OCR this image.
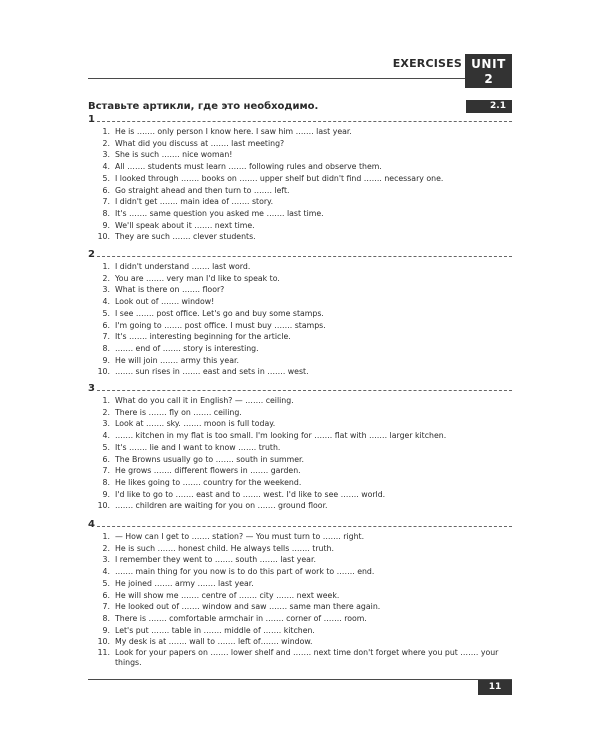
EXERCISES UNIT
2
Вставьте артикли, где это необходимо.	2.1
1
1. He is ……. only person I know here. I saw him ……. last year.
2. What did you discuss at ……. last meeting?
3. She is such ……. nice woman!
4. All ……. students must learn ……. following rules and observe them.
5. I looked through ……. books on ……. upper shelf but didn't find ……. necessary one.
6. Go straight ahead and then turn to ……. left.
7. I didn't get ……. main idea of ……. story.
8. It's ……. same question you asked me ……. last time.
9. We'll speak about it ……. next time.
10. They are such ……. clever students.
2
1. I didn't understand ……. last word.
2. You are ……. very man I'd like to speak to.
3. What is there on ……. floor?
4. Look out of ……. window!
5. I see ……. post office. Let's go and buy some stamps.
6. I'm going to ……. post office. I must buy ……. stamps.
7. It's ……. interesting beginning for the article.
8. ……. end of ……. story is interesting.
9. He will join ……. army this year.
10. ……. sun rises in ……. east and sets in ……. west.
3
1. What do you call it in English? — ……. ceiling.
2. There is ……. fly on ……. ceiling.
3. Look at ……. sky. ……. moon is full today.
4. ……. kitchen in my flat is too small. I'm looking for ……. flat with ……. larger kitchen.
5. It's ……. lie and I want to know ……. truth.
6. The Browns usually go to ……. south in summer.
7. He grows ……. different flowers in ……. garden.
8. He likes going to ……. country for the weekend.
9. I'd like to go to ……. east and to ……. west. I'd like to see ……. world.
10. ……. children are waiting for you on ……. ground floor.
4
1. — How can I get to ……. station? — You must turn to ……. right.
2. He is such ……. honest child. He always tells ……. truth.
3. I remember they went to ……. south ……. last year.
4. ……. main thing for you now is to do this part of work to ……. end.
5. He joined ……. army ……. last year.
6. He will show me ……. centre of ……. city ……. next week.
7. He looked out of ……. window and saw ……. same man there again.
8. There is ……. comfortable armchair in ……. corner of ……. room.
9. Let's put ……. table in ……. middle of ……. kitchen.
10. My desk is at ……. wall to ……. left of……. window.
11. Look for your papers on ……. lower shelf and ……. next time don't forget where you put ……. your things.
11
